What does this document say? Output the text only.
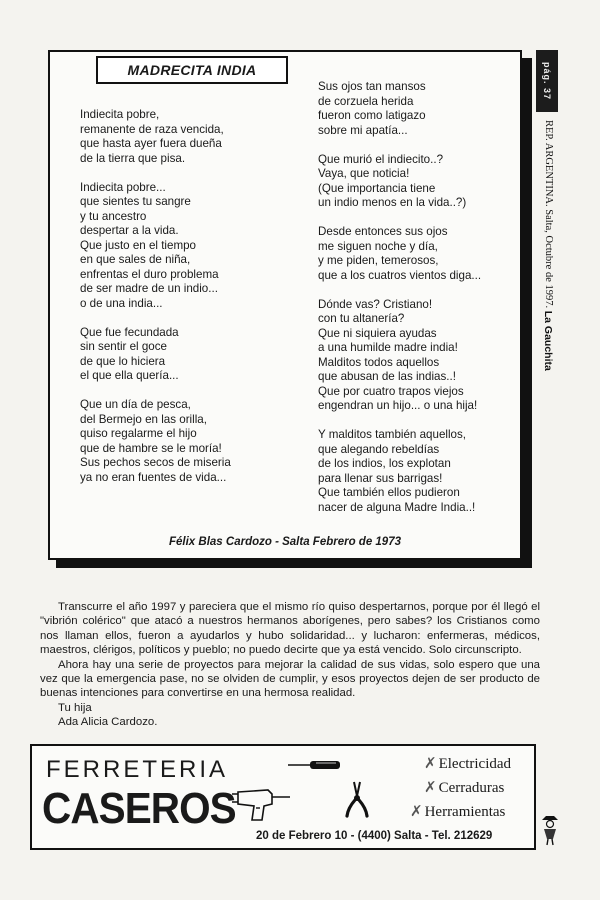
pág. 37
REP. ARGENTINA. Salta, Octubre de 1997. La Gauchita
MADRECITA INDIA
Indiecita pobre,
remanente de raza vencida,
que hasta ayer fuera dueña
de la tierra que pisa.
Indiecita pobre...
que sientes tu sangre
y tu ancestro
despertar a la vida.
Que justo en el tiempo
en que sales de niña,
enfrentas el duro problema
de ser madre de un indio...
o de una india...
Que fue fecundada
sin sentir el goce
de que lo hiciera
el que ella quería...
Que un día de pesca,
del Bermejo en las orilla,
quiso regalarme el hijo
que de hambre se le moría!
Sus pechos secos de miseria
ya no eran fuentes de vida...
Sus ojos tan mansos
de corzuela herida
fueron como latigazo
sobre mi apatía...
Que murió el indiecito..?
Vaya, que noticia!
(Que importancia tiene
un indio menos en la vida..?)
Desde entonces sus ojos
me siguen noche y día,
y me piden, temerosos,
que a los cuatros vientos diga...
Dónde vas? Cristiano!
con tu altanería?
Que ni siquiera ayudas
a una humilde madre india!
Malditos todos aquellos
que abusan de las indias..!
Que por cuatro trapos viejos
engendran un hijo... o una hija!
Y malditos también aquellos,
que alegando rebeldías
de los indios, los explotan
para llenar sus barrigas!
Que también ellos pudieron
nacer de alguna Madre India..!
Félix Blas Cardozo - Salta Febrero de 1973

Transcurre el año 1997 y pareciera que el mismo río quiso despertarnos, porque por él llegó el "vibrión colérico" que atacó a nuestros hermanos aborígenes, pero sabes? los Cristianos como nos llaman ellos, fueron a ayudarlos y hubo solidaridad... y lucharon: enfermeras, médicos, maestros, clérigos, políticos y pueblo; no puedo decirte que ya está vencido. Solo circunscripto.

Ahora hay una serie de proyectos para mejorar la calidad de sus vidas, solo espero que una vez que la emergencia pase, no se olviden de cumplir, y esos proyectos dejen de ser producto de buenas intenciones para convertirse en una hermosa realidad.

Tu hija
Ada Alicia Cardozo.
FERRETERIA
CASEROS
✗ Electricidad
✗ Cerraduras
✗ Herramientas
20 de Febrero 10 - (4400) Salta - Tel. 212629
